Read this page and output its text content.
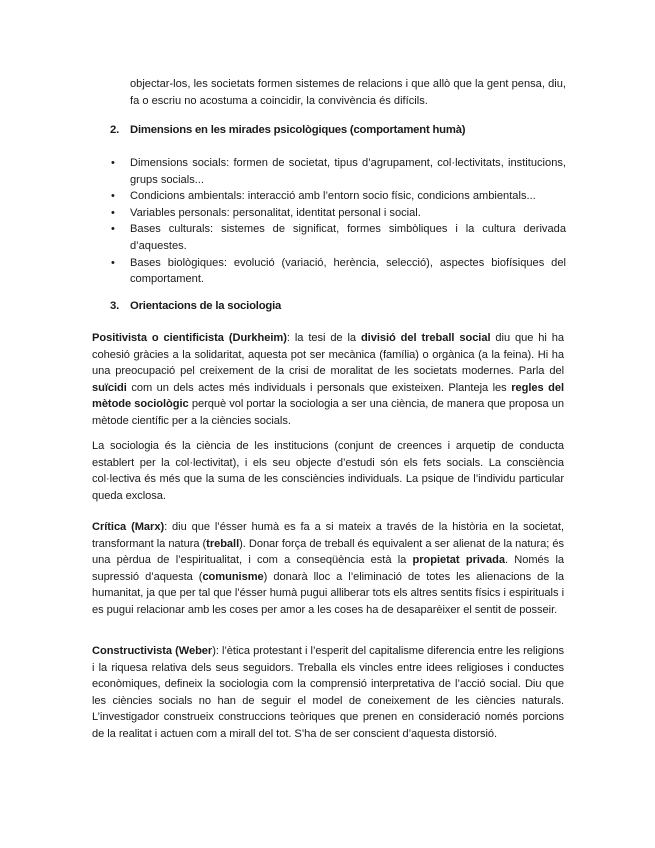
objectar-los, les societats formen sistemes de relacions i que allò que la gent pensa, diu, fa o escriu no acostuma a coincidir, la convivència és difícils.

2. Dimensions en les mirades psicològiques (comportament humà)
• Dimensions socials: formen de societat, tipus d’agrupament, col·lectivitats, institucions, grups socials...
• Condicions ambientals: interacció amb l’entorn socio físic, condicions ambientals...
• Variables personals: personalitat, identitat personal i social.
• Bases culturals: sistemes de significat, formes simbòliques i la cultura derivada d’aquestes.
• Bases biològiques: evolució (variació, herència, selecció), aspectes biofísiques del comportament.
3. Orientacions de la sociologia

Positivista o cientificista (Durkheim): la tesi de la divisió del treball social diu que hi ha cohesió gràcies a la solidaritat, aquesta pot ser mecànica (família) o orgànica (a la feina). Hi ha una preocupació pel creixement de la crisi de moralitat de les societats modernes. Parla del suïcidi com un dels actes més individuals i personals que existeixen. Planteja les regles del mètode sociològic perquè vol portar la sociologia a ser una ciència, de manera que proposa un mètode científic per a la ciències socials.

La sociologia és la ciència de les institucions (conjunt de creences i arquetip de conducta establert per la col·lectivitat), i els seu objecte d’estudi són els fets socials. La consciència col·lectiva és més que la suma de les consciències individuals. La psique de l’individu particular queda exclosa.

Crítica (Marx): diu que l’ésser humà es fa a si mateix a través de la història en la societat, transformant la natura (treball). Donar força de treball és equivalent a ser alienat de la natura; és una pèrdua de l’espiritualitat, i com a conseqüència està la propietat privada. Només la supressió d’aquesta (comunisme) donarà lloc a l’eliminació de totes les alienacions de la humanitat, ja que per tal que l’ésser humà pugui alliberar tots els altres sentits físics i espirituals i es pugui relacionar amb les coses per amor a les coses ha de desaparèixer el sentit de posseir.

Constructivista (Weber): l’ètica protestant i l’esperit del capitalisme diferencia entre les religions i la riquesa relativa dels seus seguidors. Treballa els vincles entre idees religioses i conductes econòmiques, defineix la sociologia com la comprensió interpretativa de l’acció social. Diu que les ciències socials no han de seguir el model de coneixement de les ciències naturals. L’investigador construeix construccions teòriques que prenen en consideració només porcions de la realitat i actuen com a mirall del tot. S’ha de ser conscient d’aquesta distorsió.
